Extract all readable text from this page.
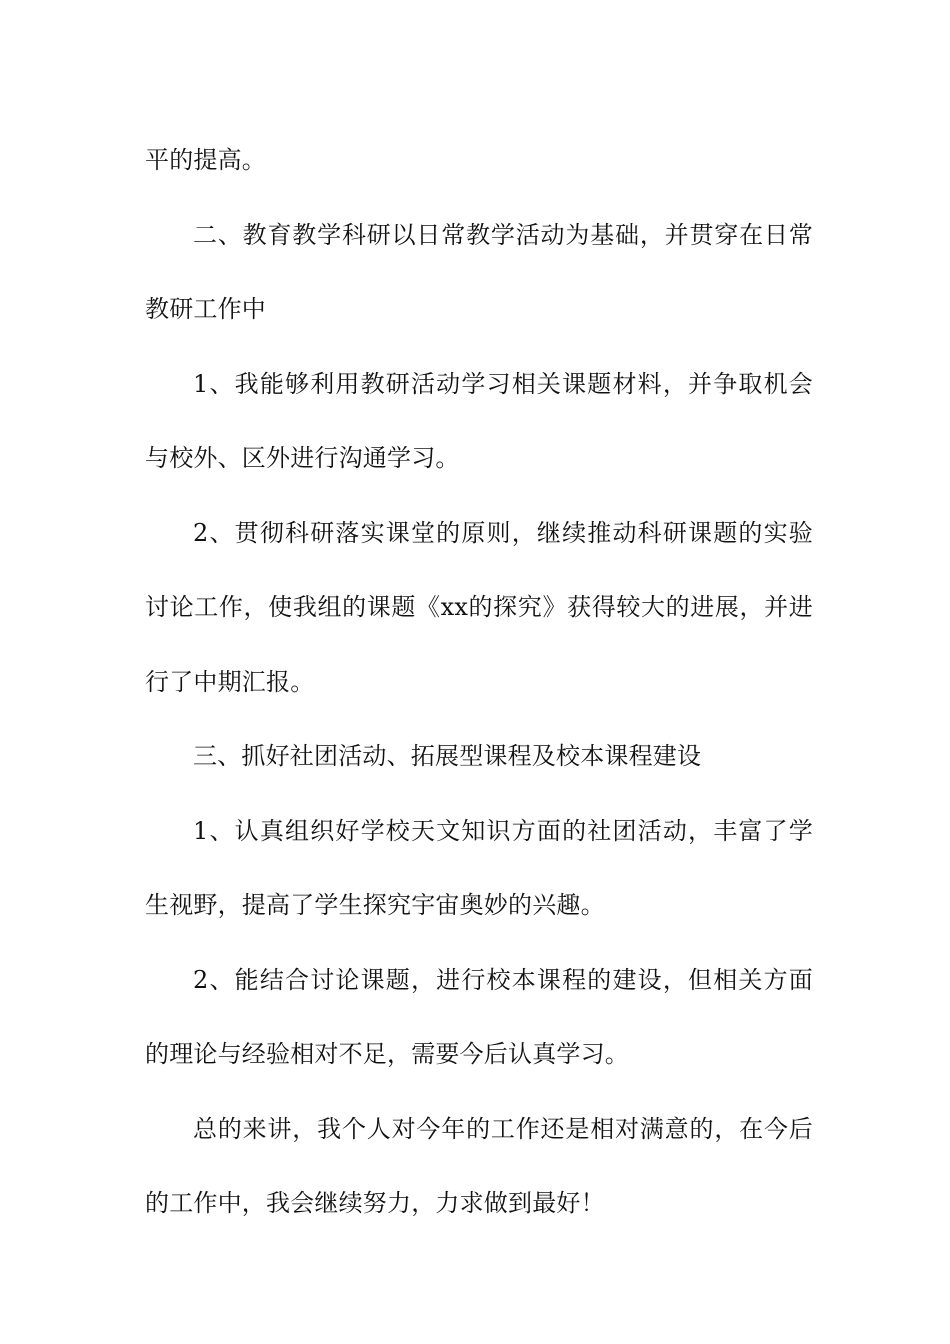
平的提高。

二、教育教学科研以日常教学活动为基础，并贯穿在日常教研工作中

1、我能够利用教研活动学习相关课题材料，并争取机会与校外、区外进行沟通学习。

2、贯彻科研落实课堂的原则，继续推动科研课题的实验讨论工作，使我组的课题《xx的探究》获得较大的进展，并进行了中期汇报。

三、抓好社团活动、拓展型课程及校本课程建设

1、认真组织好学校天文知识方面的社团活动，丰富了学生视野，提高了学生探究宇宙奥妙的兴趣。

2、能结合讨论课题，进行校本课程的建设，但相关方面的理论与经验相对不足，需要今后认真学习。

总的来讲，我个人对今年的工作还是相对满意的，在今后的工作中，我会继续努力，力求做到最好！
